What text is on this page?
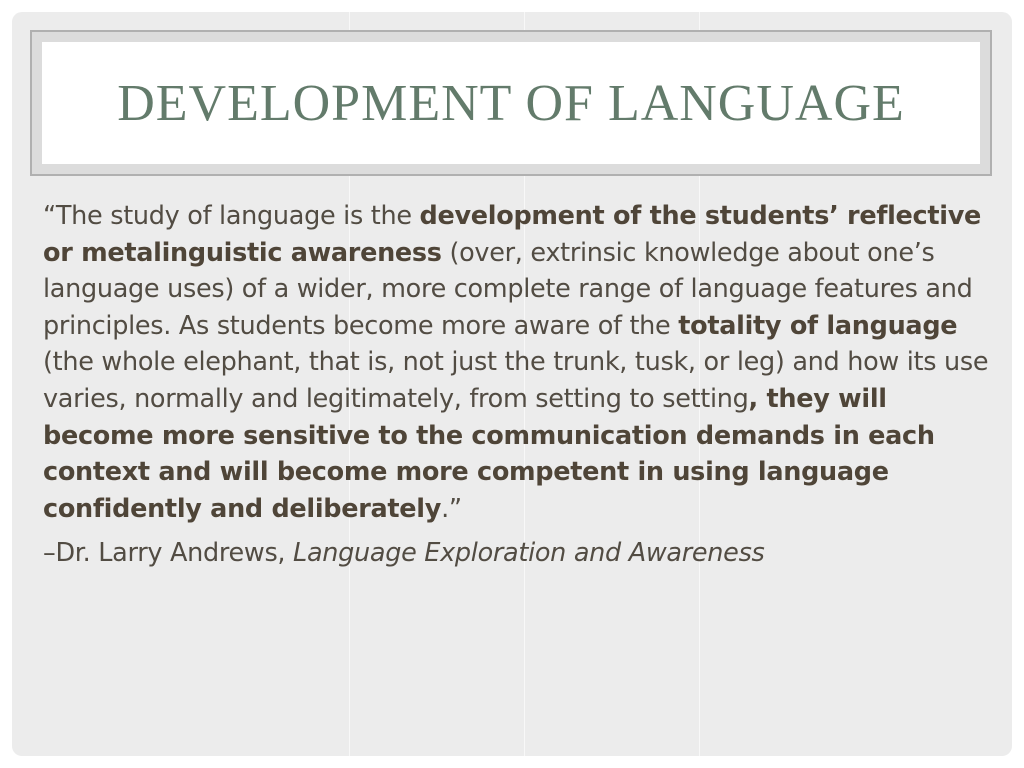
DEVELOPMENT OF LANGUAGE

“The study of language is the development of the students’ reflective or metalinguistic awareness (over, extrinsic knowledge about one’s language uses) of a wider, more complete range of language features and principles. As students become more aware of the totality of language (the whole elephant, that is, not just the trunk, tusk, or leg) and how its use varies, normally and legitimately, from setting to setting, they will become more sensitive to the communication demands in each context and will become more competent in using language confidently and deliberately.”

–Dr. Larry Andrews, Language Exploration and Awareness
